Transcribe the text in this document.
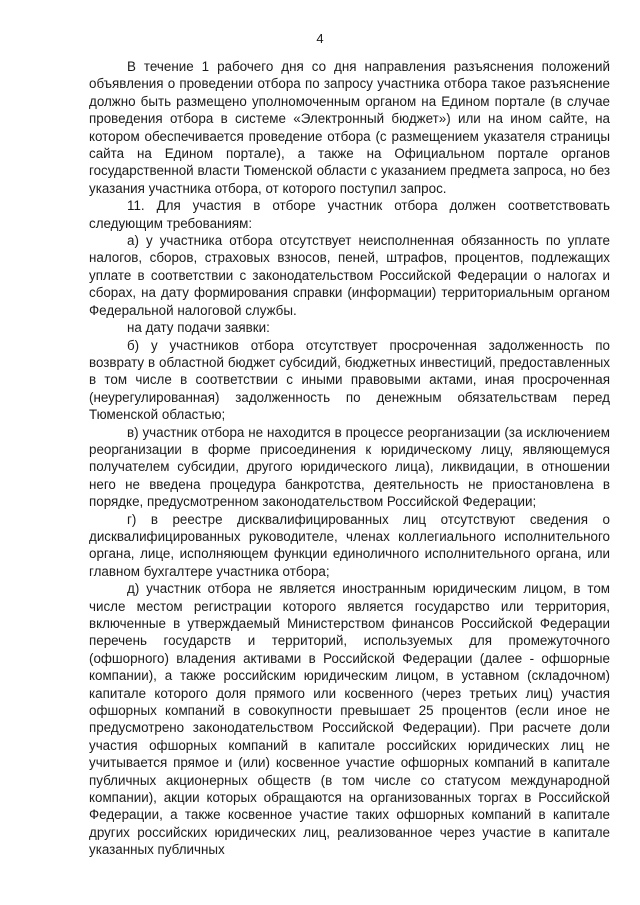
4

В течение 1 рабочего дня со дня направления разъяснения положений объявления о проведении отбора по запросу участника отбора такое разъяснение должно быть размещено уполномоченным органом на Едином портале (в случае проведения отбора в системе «Электронный бюджет») или на ином сайте, на котором обеспечивается проведение отбора (с размещением указателя страницы сайта на Едином портале), а также на Официальном портале органов государственной власти Тюменской области с указанием предмета запроса, но без указания участника отбора, от которого поступил запрос.

11. Для участия в отборе участник отбора должен соответствовать следующим требованиям:

а) у участника отбора отсутствует неисполненная обязанность по уплате налогов, сборов, страховых взносов, пеней, штрафов, процентов, подлежащих уплате в соответствии с законодательством Российской Федерации о налогах и сборах, на дату формирования справки (информации) территориальным органом Федеральной налоговой службы.

на дату подачи заявки:

б) у участников отбора отсутствует просроченная задолженность по возврату в областной бюджет субсидий, бюджетных инвестиций, предоставленных в том числе в соответствии с иными правовыми актами, иная просроченная (неурегулированная) задолженность по денежным обязательствам перед Тюменской областью;

в) участник отбора не находится в процессе реорганизации (за исключением реорганизации в форме присоединения к юридическому лицу, являющемуся получателем субсидии, другого юридического лица), ликвидации, в отношении него не введена процедура банкротства, деятельность не приостановлена в порядке, предусмотренном законодательством Российской Федерации;

г) в реестре дисквалифицированных лиц отсутствуют сведения о дисквалифицированных руководителе, членах коллегиального исполнительного органа, лице, исполняющем функции единоличного исполнительного органа, или главном бухгалтере участника отбора;

д) участник отбора не является иностранным юридическим лицом, в том числе местом регистрации которого является государство или территория, включенные в утверждаемый Министерством финансов Российской Федерации перечень государств и территорий, используемых для промежуточного (офшорного) владения активами в Российской Федерации (далее - офшорные компании), а также российским юридическим лицом, в уставном (складочном) капитале которого доля прямого или косвенного (через третьих лиц) участия офшорных компаний в совокупности превышает 25 процентов (если иное не предусмотрено законодательством Российской Федерации). При расчете доли участия офшорных компаний в капитале российских юридических лиц не учитывается прямое и (или) косвенное участие офшорных компаний в капитале публичных акционерных обществ (в том числе со статусом международной компании), акции которых обращаются на организованных торгах в Российской Федерации, а также косвенное участие таких офшорных компаний в капитале других российских юридических лиц, реализованное через участие в капитале указанных публичных
